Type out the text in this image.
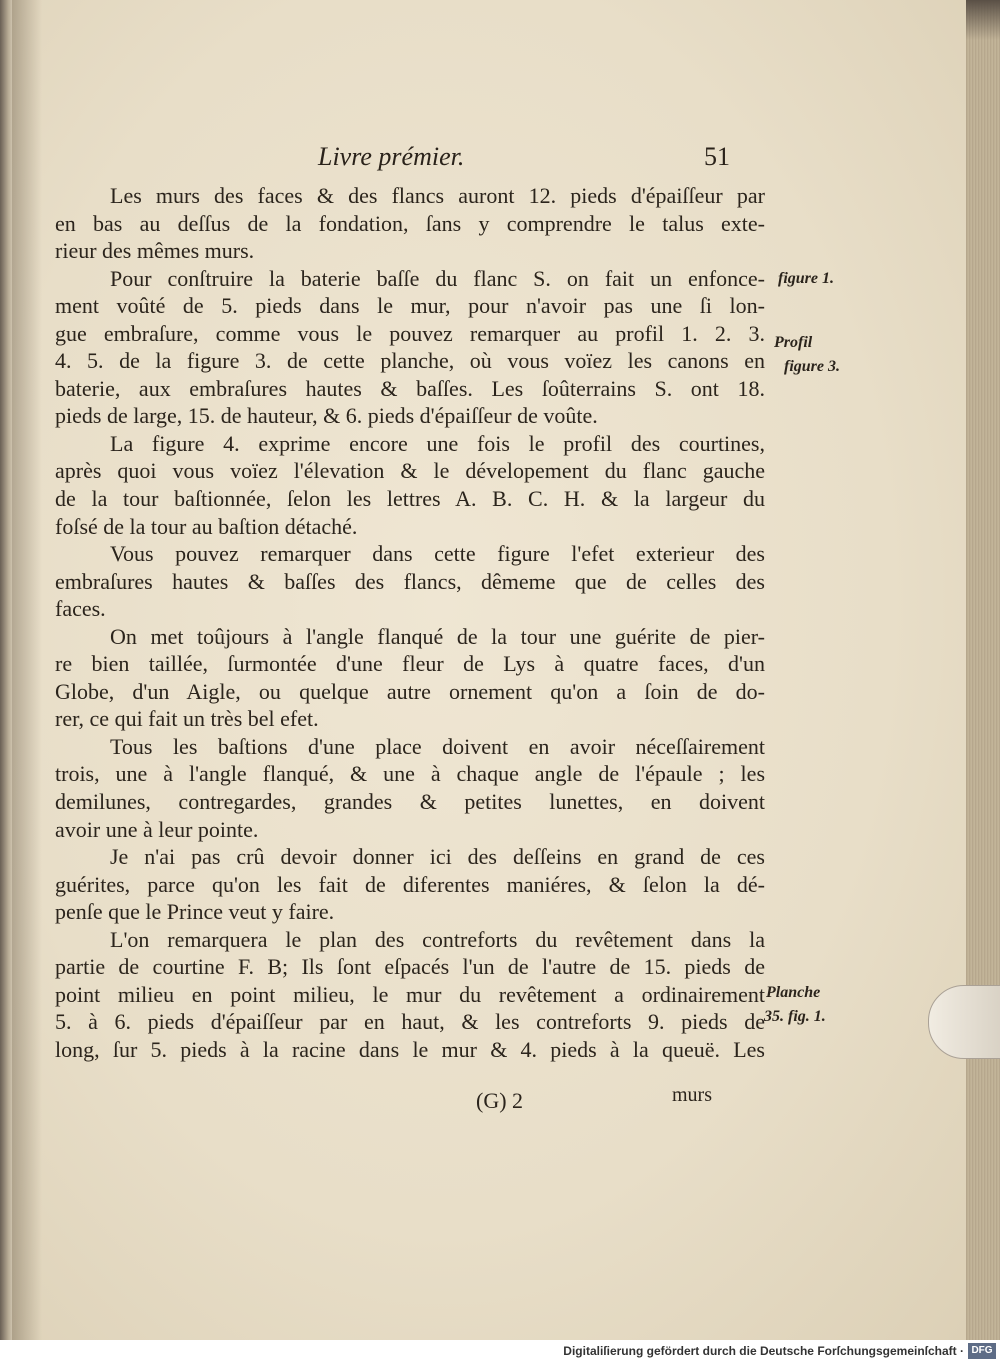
Livre prémier.	51
Les murs des faces & des flancs auront 12. pieds d'épaiſſeur par
en bas au deſſus de la fondation, ſans y comprendre le talus exte-
rieur des mêmes murs.
Pour conſtruire la baterie baſſe du flanc S. on fait un enfonce-
ment voûté de 5. pieds dans le mur, pour n'avoir pas une ſi lon-
gue embraſure, comme vous le pouvez remarquer au profil 1. 2. 3.
4. 5. de la figure 3. de cette planche, où vous voïez les canons en
baterie, aux embraſures hautes & baſſes. Les ſoûterrains S. ont 18.
pieds de large, 15. de hauteur, & 6. pieds d'épaiſſeur de voûte.
La figure 4. exprime encore une fois le profil des courtines,
après quoi vous voïez l'élevation & le dévelopement du flanc gauche
de la tour baſtionnée, ſelon les lettres A. B. C. H. & la largeur du
foſsé de la tour au baſtion détaché.
Vous pouvez remarquer dans cette figure l'efet exterieur des
embraſures hautes & baſſes des flancs, dêmeme que de celles des
faces.
On met toûjours à l'angle flanqué de la tour une guérite de pier-
re bien taillée, ſurmontée d'une fleur de Lys à quatre faces, d'un
Globe, d'un Aigle, ou quelque autre ornement qu'on a ſoin de do-
rer, ce qui fait un très bel efet.
Tous les baſtions d'une place doivent en avoir néceſſairement
trois, une à l'angle flanqué, & une à chaque angle de l'épaule ; les
demilunes, contregardes, grandes & petites lunettes, en doivent
avoir une à leur pointe.
Je n'ai pas crû devoir donner ici des deſſeins en grand de ces
guérites, parce qu'on les fait de diferentes maniéres, & ſelon la dé-
penſe que le Prince veut y faire.
L'on remarquera le plan des contreforts du revêtement dans la
partie de courtine F. B; Ils ſont eſpacés l'un de l'autre de 15. pieds de
point milieu en point milieu, le mur du revêtement a ordinairement
5. à 6. pieds d'épaiſſeur par en haut, & les contreforts 9. pieds de
long, ſur 5. pieds à la racine dans le mur & 4. pieds à la queuë. Les
figure 1.
Profil
figure 3.
Planche
35. fig. 1.
(G) 2	murs
Digitaliſierung gefördert durch die Deutsche Forſchungsgemeinſchaft · DFG
